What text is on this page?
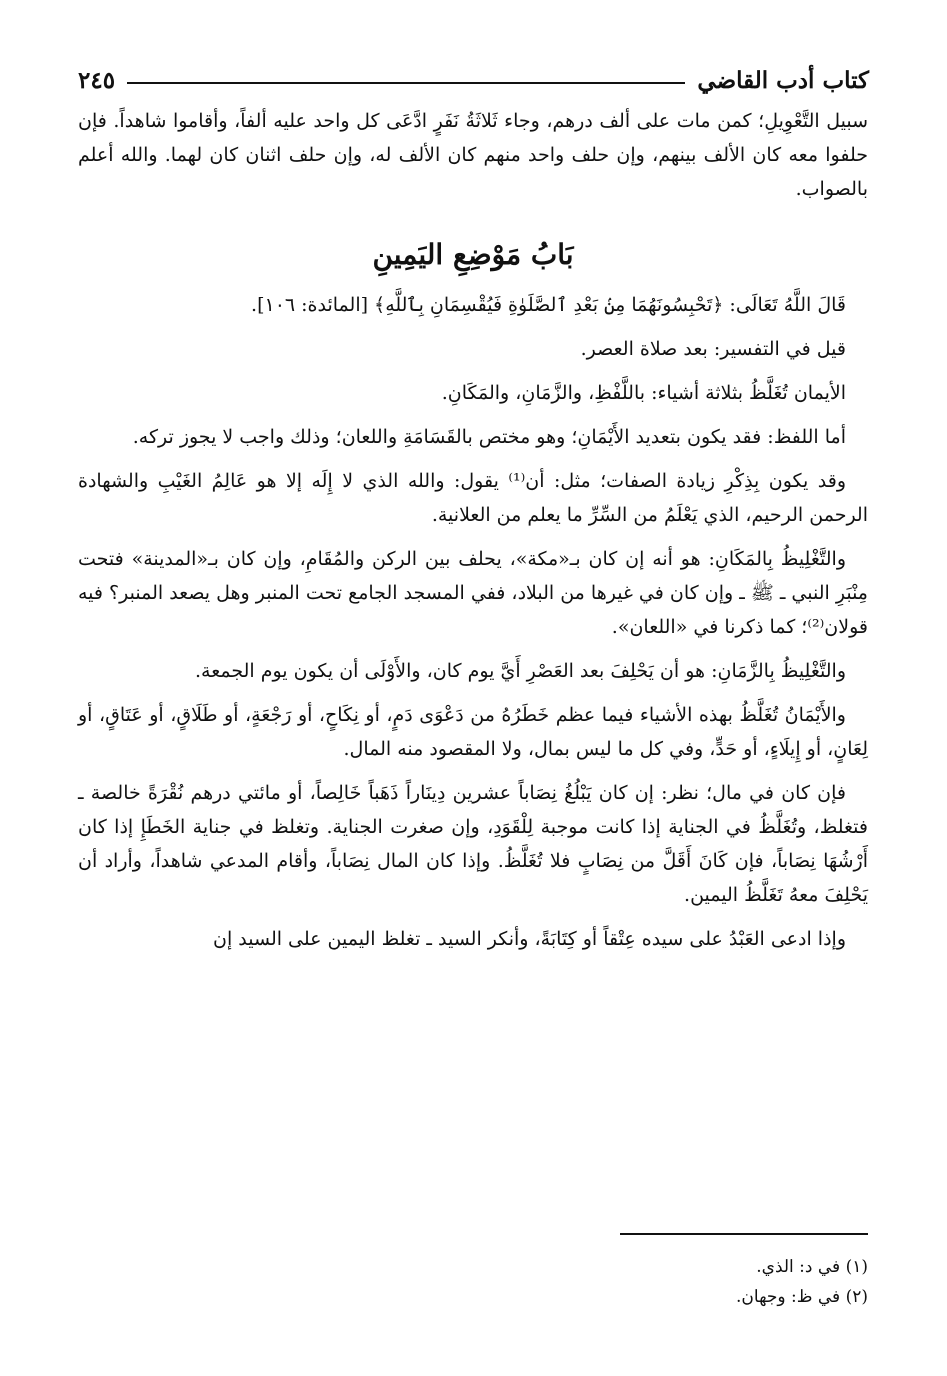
كتاب أدب القاضي
٢٤٥

سبيل التَّعْوِيلِ؛ كمن مات على ألف درهم، وجاء ثَلاثَةُ نَفَرٍ ادَّعَى كل واحد عليه ألفاً، وأقاموا شاهداً. فإن حلفوا معه كان الألف بينهم، وإن حلف واحد منهم كان الألف له، وإن حلف اثنان كان لهما. والله أعلم بالصواب.

بَابُ مَوْضِعِ اليَمِينِ

قَالَ اللَّهُ تَعَالَى: ﴿تَحْبِسُونَهُمَا مِنۢ بَعْدِ ٱلصَّلَوٰةِ فَيُقْسِمَانِ بِٱللَّهِ﴾ [المائدة: ١٠٦].

قيل في التفسير: بعد صلاة العصر.

الأيمان تُغَلَّظُ بثلاثة أشياء: باللَّفْظِ، والزَّمَانِ، والمَكَانِ.

أما اللفظ: فقد يكون بتعديد الأَيْمَانِ؛ وهو مختص بالقَسَامَةِ واللعان؛ وذلك واجب لا يجوز تركه.

وقد يكون بِذِكْرِ زيادة الصفات؛ مثل: أن⁽¹⁾ يقول: والله الذي لا إِلَه إلا هو عَالِمُ الغَيْبِ والشهادة الرحمن الرحيم، الذي يَعْلَمُ من السِّرِّ ما يعلم من العلانية.

والتَّغْلِيظُ بِالمَكَانِ: هو أنه إن كان بـ«مكة»، يحلف بين الركن والمُقَامِ، وإن كان بـ«المدينة» فتحت مِنْبَرِ النبي ـ ﷺ ـ وإن كان في غيرها من البلاد، ففي المسجد الجامع تحت المنبر وهل يصعد المنبر؟ فيه قولان⁽²⁾؛ كما ذكرنا في «اللعان».

والتَّغْلِيظُ بِالزَّمَانِ: هو أن يَحْلِفَ بعد العَصْرِ أَيَّ يوم كان، والأَوْلَى أن يكون يوم الجمعة.

والأَيْمَانُ تُغَلَّظُ بهذه الأشياء فيما عظم خَطَرُهُ من دَعْوَى دَمٍ، أو نِكَاحٍ، أو رَجْعَةٍ، أو طَلَاقٍ، أو عَتَاقٍ، أو لِعَانٍ، أو إِيلَاءٍ، أو حَدٍّ، وفي كل ما ليس بمال، ولا المقصود منه المال.

فإن كان في مال؛ نظر: إن كان يَبْلُغُ نِصَاباً عشرين دِينَاراً ذَهَباً خَالِصاً، أو مائتي درهم نُقْرَةً خالصة ـ فتغلظ، وتُغَلَّظُ في الجناية إذا كانت موجبة لِلْقَوَدِ، وإن صغرت الجناية. وتغلظ في جناية الخَطَإِ إذا كان أَرْشُهَا نِصَاباً، فإن كَانَ أَقَلَّ من نِصَابٍ فلا تُغَلَّظُ. وإذا كان المال نِصَاباً، وأقام المدعي شاهداً، وأراد أن يَحْلِفَ معهُ تَغَلَّظُ اليمين.

وإذا ادعى العَبْدُ على سيده عِتْقاً أو كِتَابَةً، وأنكر السيد ـ تغلظ اليمين على السيد إن

(١) في د: الذي.
(٢) في ظ: وجهان.
